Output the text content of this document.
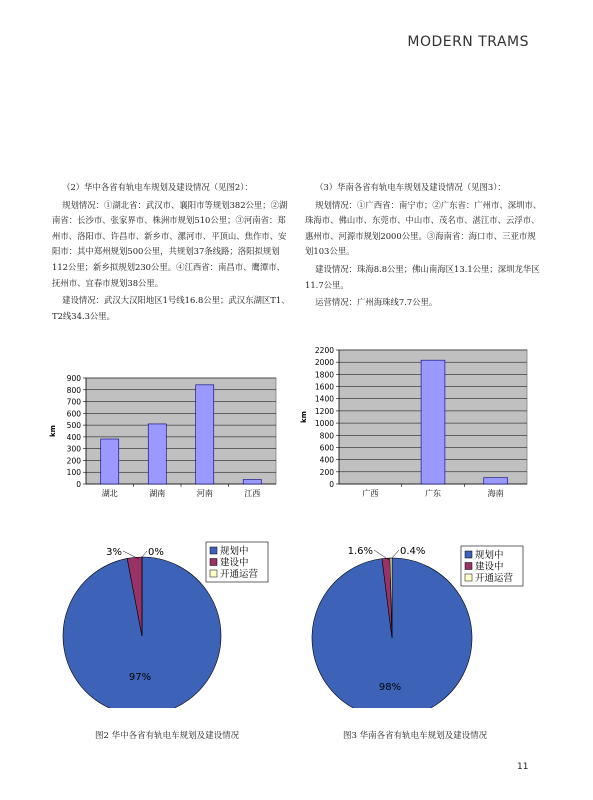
MODERN TRAMS

（2）华中各省有轨电车规划及建设情况（见图2）：

规划情况：①湖北省：武汉市、襄阳市等规划382公里；②湖南省：长沙市、张家界市、株洲市规划510公里；③河南省：郑州市、洛阳市、许昌市、新乡市、漯河市、平顶山、焦作市、安阳市：其中郑州规划500公里，共规划37条线路；洛阳拟规划112公里；新乡拟规划230公里。④江西省：南昌市、鹰潭市、抚州市、宜春市规划38公里。

建设情况：武汉大汉阳地区1号线16.8公里；武汉东湖区T1、T2线34.3公里。

（3）华南各省有轨电车规划及建设情况（见图3）：

规划情况：①广西省：南宁市；②广东省：广州市、深圳市、珠海市、佛山市、东莞市、中山市、茂名市、湛江市、云浮市、惠州市、河源市规划2000公里。③海南省：海口市、三亚市规划103公里。

建设情况：珠海8.8公里；佛山南海区13.1公里；深圳龙华区11.7公里。

运营情况：广州海珠线7.7公里。

0
100
200
300
400
500
600
700
800
900
湖北	湖南	河南	江西
km
0
200
400
600
800
1000
1200
1400
1600
1800
2000
2200
广西	广东	海南
km
97%
3%	0%	规划中
建设中
开通运营
98%
1.6%	0.4%	规划中
建设中
开通运营
图2 华中各省有轨电车规划及建设情况	图3 华南各省有轨电车规划及建设情况
11
